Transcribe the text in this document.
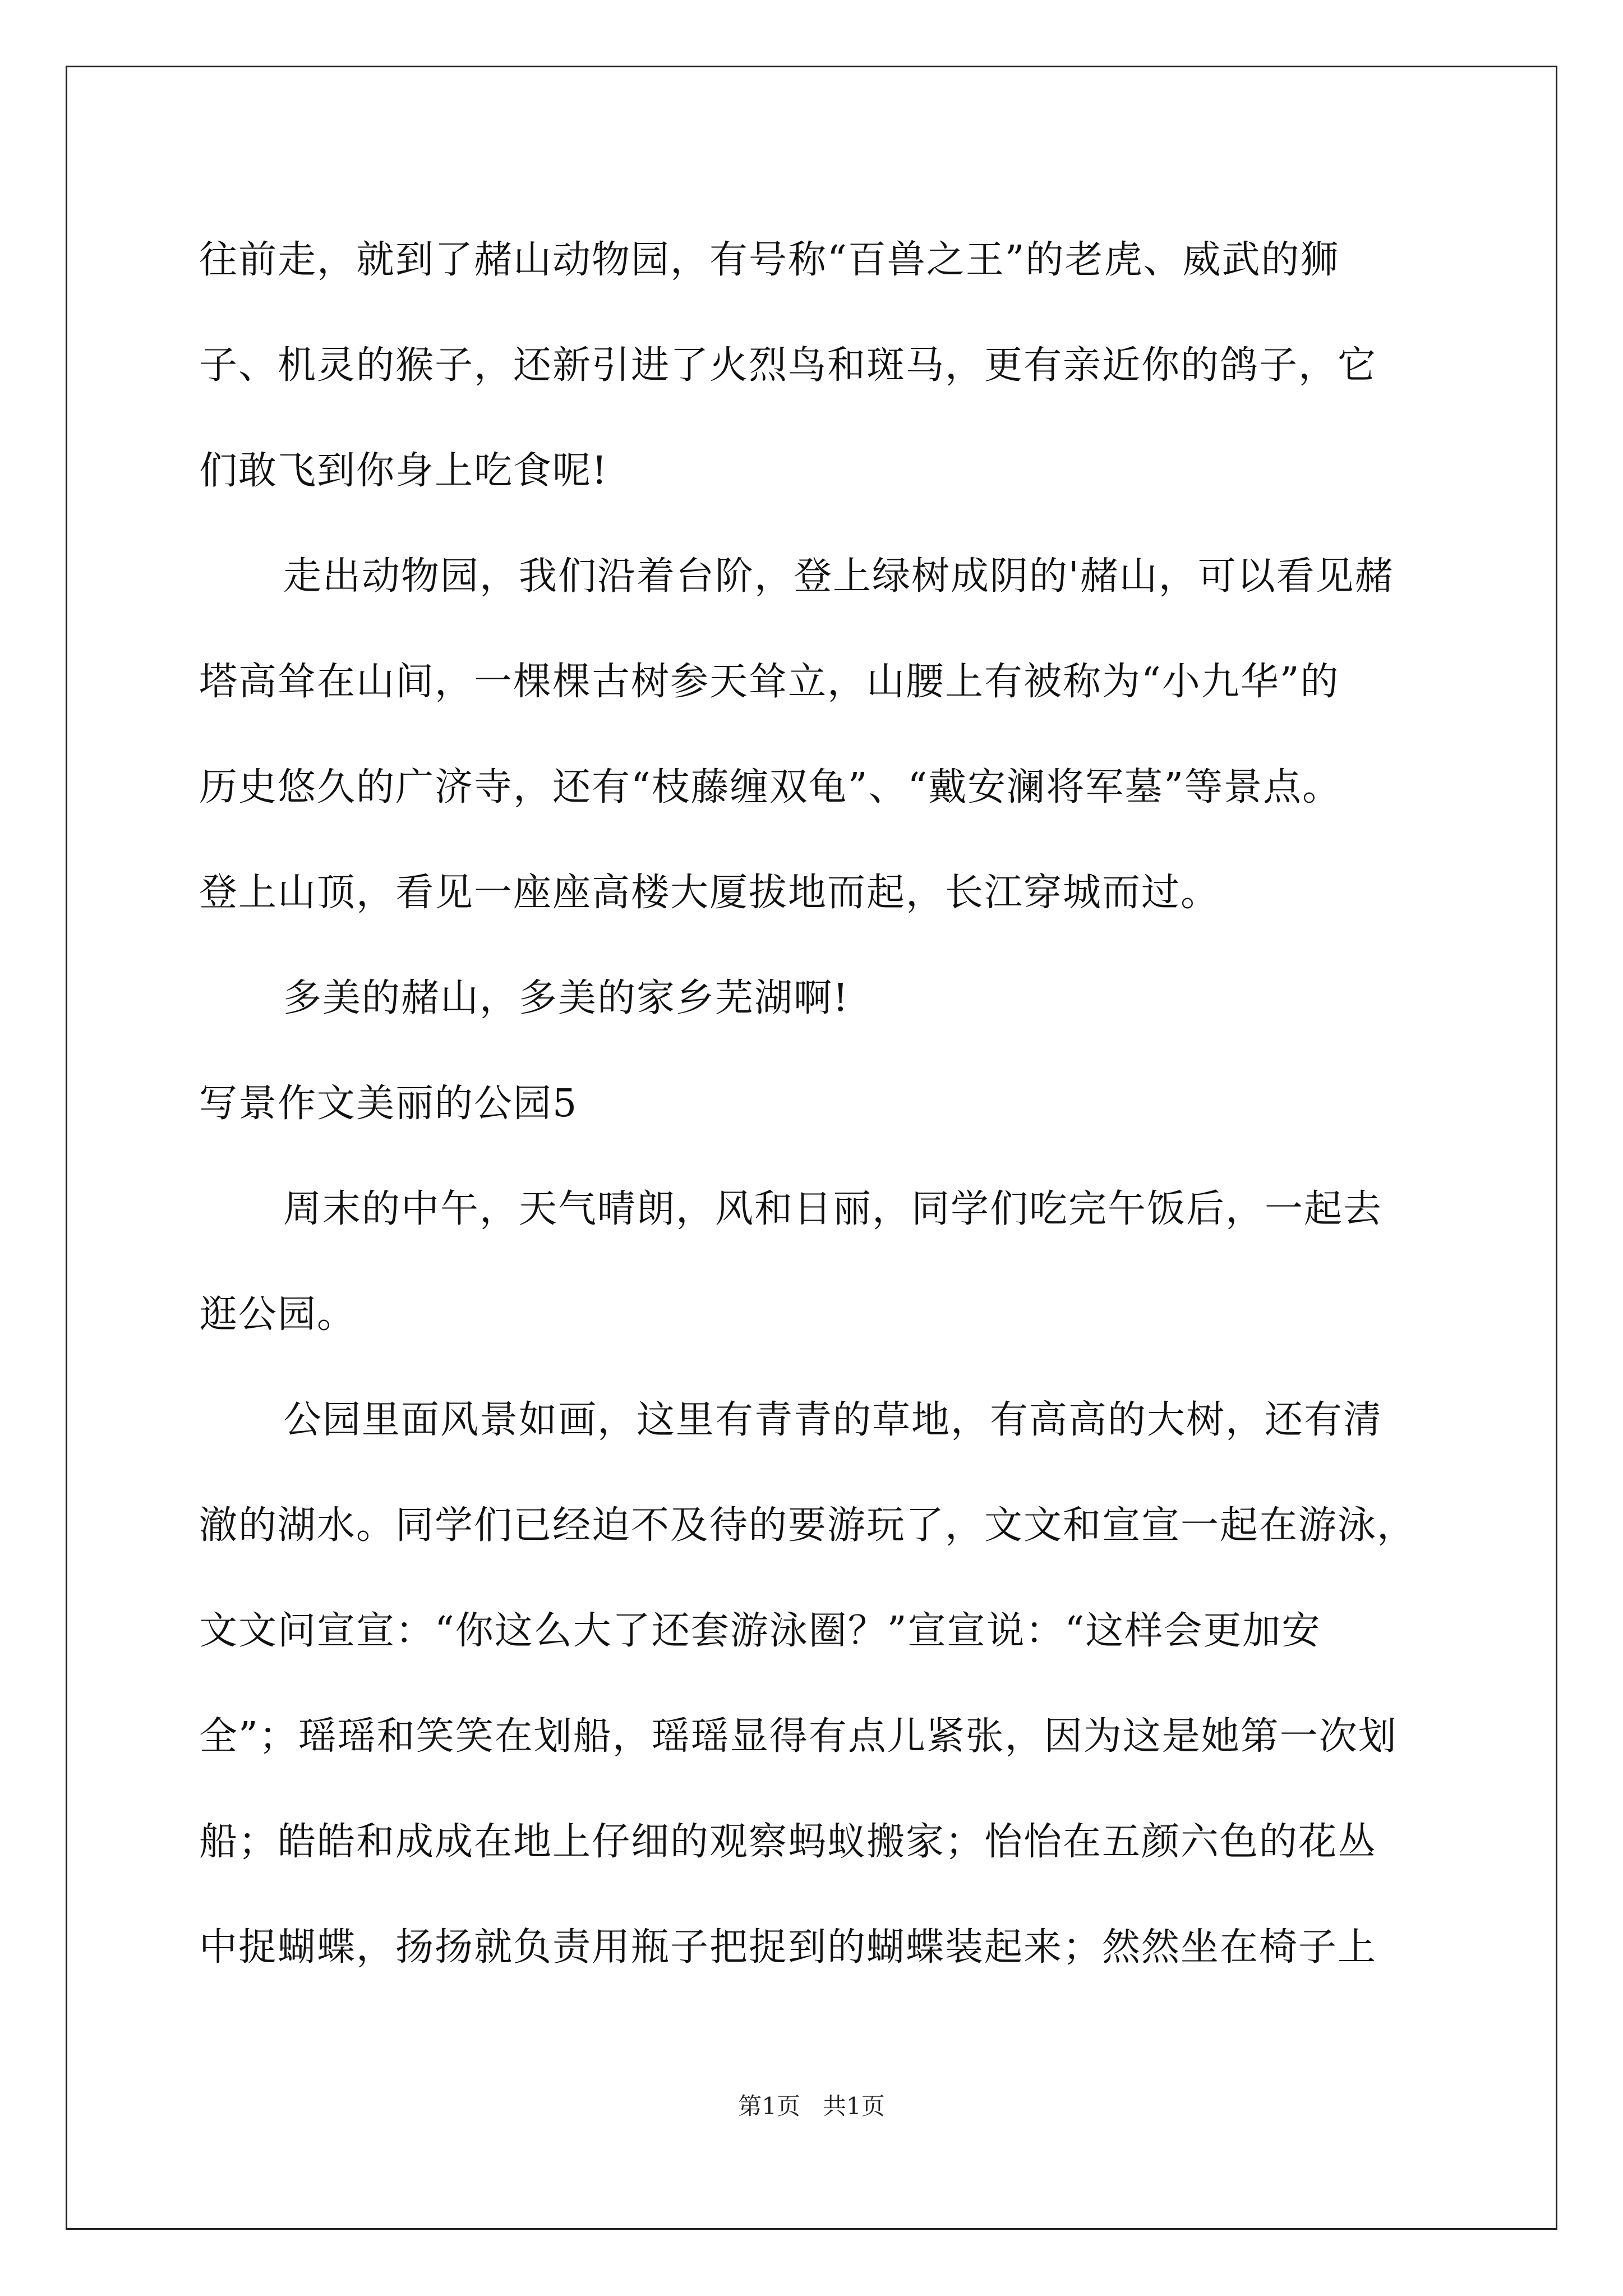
往前走，就到了赭山动物园，有号称“百兽之王”的老虎、威武的狮
子、机灵的猴子，还新引进了火烈鸟和斑马，更有亲近你的鸽子，它
们敢飞到你身上吃食呢!
走出动物园，我们沿着台阶，登上绿树成阴的'赭山，可以看见赭
塔高耸在山间，一棵棵古树参天耸立，山腰上有被称为“小九华”的
历史悠久的广济寺，还有“枝藤缠双龟”、“戴安澜将军墓”等景点。
登上山顶，看见一座座高楼大厦拔地而起，长江穿城而过。
多美的赭山，多美的家乡芜湖啊!
写景作文美丽的公园5
周末的中午，天气晴朗，风和日丽，同学们吃完午饭后，一起去
逛公园。
公园里面风景如画，这里有青青的草地，有高高的大树，还有清
澈的湖水。同学们已经迫不及待的要游玩了，文文和宣宣一起在游泳，
文文问宣宣：“你这么大了还套游泳圈？”宣宣说：“这样会更加安
全”；瑶瑶和笑笑在划船，瑶瑶显得有点儿紧张，因为这是她第一次划
船；皓皓和成成在地上仔细的观察蚂蚁搬家；怡怡在五颜六色的花丛
中捉蝴蝶，扬扬就负责用瓶子把捉到的蝴蝶装起来；然然坐在椅子上
第1页   共1页
